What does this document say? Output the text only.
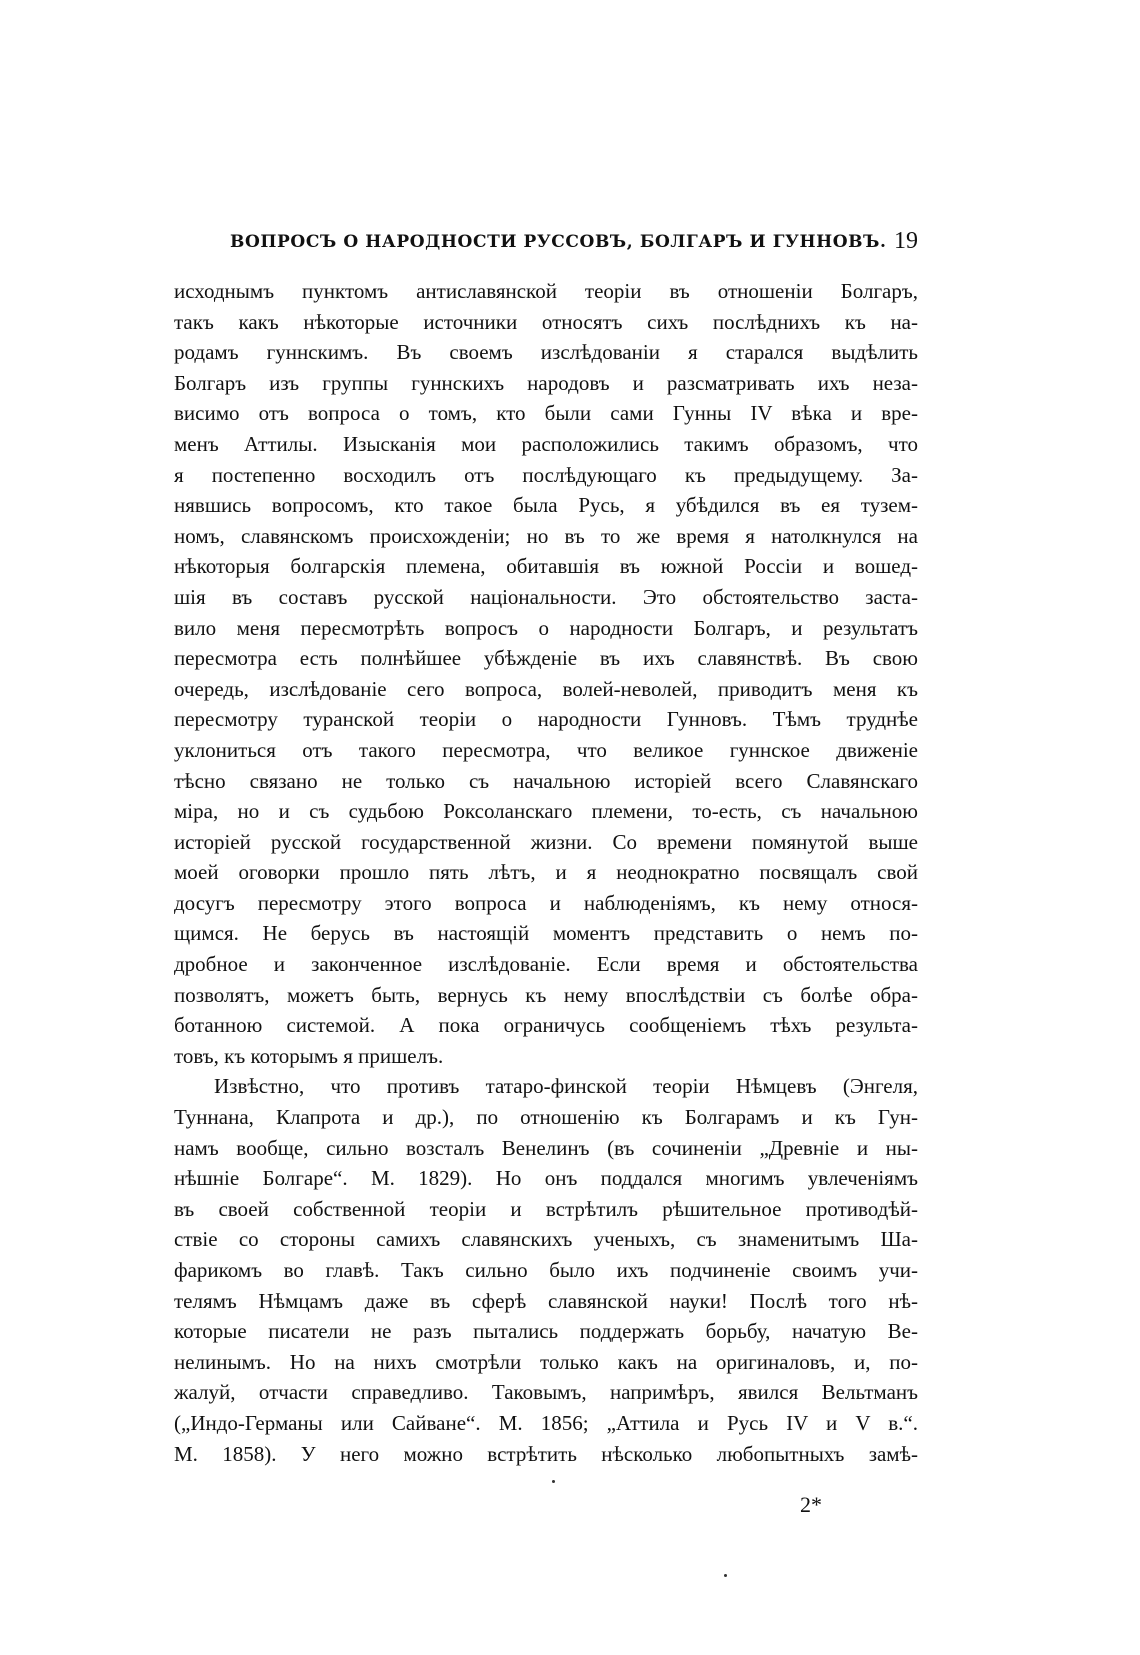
ВОПРОСЪ О НАРОДНОСТИ РУССОВЪ, БОЛГАРЪ И ГУННОВЪ. 19
исходнымъ пунктомъ антиславянской теоріи въ отношеніи Болгаръ,
такъ какъ нѣкоторые источники относятъ сихъ послѣднихъ къ на-
родамъ гуннскимъ. Въ своемъ изслѣдованіи я старался выдѣлить
Болгаръ изъ группы гуннскихъ народовъ и разсматривать ихъ неза-
висимо отъ вопроса о томъ, кто были сами Гунны IV вѣка и вре-
менъ Аттилы. Изысканія мои расположились такимъ образомъ, что
я постепенно восходилъ отъ послѣдующаго къ предыдущему. За-
нявшись вопросомъ, кто такое была Русь, я убѣдился въ ея тузем-
номъ, славянскомъ происхожденіи; но въ то же время я натолкнулся на
нѣкоторыя болгарскія племена, обитавшія въ южной Россіи и вошед-
шія въ составъ русской національности. Это обстоятельство заста-
вило меня пересмотрѣть вопросъ о народности Болгаръ, и результатъ
пересмотра есть полнѣйшее убѣжденіе въ ихъ славянствѣ. Въ свою
очередь, изслѣдованіе сего вопроса, волей-неволей, приводитъ меня къ
пересмотру туранской теоріи о народности Гунновъ. Тѣмъ труднѣе
уклониться отъ такого пересмотра, что великое гуннское движеніе
тѣсно связано не только съ начальною исторіей всего Славянскаго
міра, но и съ судьбою Роксоланскаго племени, то-есть, съ начальною
исторіей русской государственной жизни. Со времени помянутой выше
моей оговорки прошло пять лѣтъ, и я неоднократно посвящалъ свой
досугъ пересмотру этого вопроса и наблюденіямъ, къ нему относя-
щимся. Не берусь въ настоящій моментъ представить о немъ по-
дробное и законченное изслѣдованіе. Если время и обстоятельства
позволятъ, можетъ быть, вернусь къ нему впослѣдствіи съ болѣе обра-
ботанною системой. А пока ограничусь сообщеніемъ тѣхъ результа-
товъ, къ которымъ я пришелъ.
Извѣстно, что противъ татаро-финской теоріи Нѣмцевъ (Энгеля,
Туннана, Клапрота и др.), по отношенію къ Болгарамъ и къ Гун-
намъ вообще, сильно возсталъ Венелинъ (въ сочиненіи „Древніе и ны-
нѣшніе Болгаре“. М. 1829). Но онъ поддался многимъ увлеченіямъ
въ своей собственной теоріи и встрѣтилъ рѣшительное противодѣй-
ствіе со стороны самихъ славянскихъ ученыхъ, съ знаменитымъ Ша-
фарикомъ во главѣ. Такъ сильно было ихъ подчиненіе своимъ учи-
телямъ Нѣмцамъ даже въ сферѣ славянской науки! Послѣ того нѣ-
которые писатели не разъ пытались поддержать борьбу, начатую Ве-
нелинымъ. Но на нихъ смотрѣли только какъ на оригиналовъ, и, по-
жалуй, отчасти справедливо. Таковымъ, напримѣръ, явился Вельтманъ
(„Индо-Германы или Сайване“. М. 1856; „Аттила и Русь IV и V в.“.
М. 1858). У него можно встрѣтить нѣсколько любопытныхъ замѣ-
2*
